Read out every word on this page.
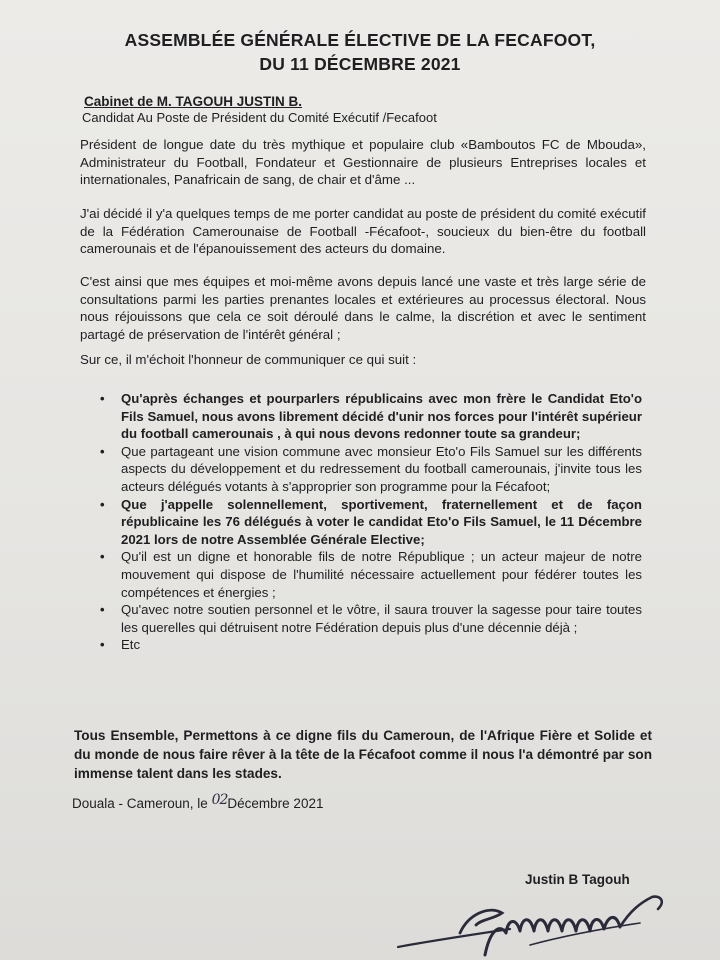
ASSEMBLÉE GÉNÉRALE ÉLECTIVE DE LA FECAFOOT,
DU 11 DÉCEMBRE 2021
Cabinet de M. TAGOUH JUSTIN B.
Candidat Au Poste de Président du Comité Exécutif /Fecafoot
Président de longue date du très mythique et populaire club «Bamboutos FC de Mbouda», Administrateur du Football, Fondateur et Gestionnaire de plusieurs Entreprises locales et internationales, Panafricain de sang, de chair et d'âme ...
J'ai décidé il y'a quelques temps de me porter candidat au poste de président du comité exécutif de la Fédération Camerounaise de Football -Fécafoot-, soucieux du bien-être du football camerounais et de l'épanouissement des acteurs du domaine.
C'est ainsi que mes équipes et moi-même avons depuis lancé une vaste et très large série de consultations parmi les parties prenantes locales et extérieures au processus électoral. Nous nous réjouissons que cela ce soit déroulé dans le calme, la discrétion et avec le sentiment partagé de préservation de l'intérêt général ;
Sur ce, il m'échoit l'honneur de communiquer ce qui suit :
• Qu'après échanges et pourparlers républicains avec mon frère le Candidat Eto'o Fils Samuel, nous avons librement décidé d'unir nos forces pour l'intérêt supérieur du football camerounais , à qui nous devons redonner toute sa grandeur;
• Que partageant une vision commune avec monsieur Eto'o Fils Samuel sur les différents aspects du développement et du redressement du football camerounais, j'invite tous les acteurs délégués votants à s'approprier son programme pour la Fécafoot;
• Que j'appelle solennellement, sportivement, fraternellement et de façon républicaine les 76 délégués à voter le candidat Eto'o Fils Samuel, le 11 Décembre 2021 lors de notre Assemblée Générale Elective;
• Qu'il est un digne et honorable fils de notre République ; un acteur majeur de notre mouvement qui dispose de l'humilité nécessaire actuellement pour fédérer toutes les compétences et énergies ;
• Qu'avec notre soutien personnel et le vôtre, il saura trouver la sagesse pour taire toutes les querelles qui détruisent notre Fédération depuis plus d'une décennie déjà ;
• Etc
Tous Ensemble, Permettons à ce digne fils du Cameroun, de l'Afrique Fière et Solide et du monde de nous faire rêver à la tête de la Fécafoot comme il nous l'a démontré par son immense talent dans les stades.
Douala - Cameroun, le 02Décembre 2021
Justin B Tagouh
